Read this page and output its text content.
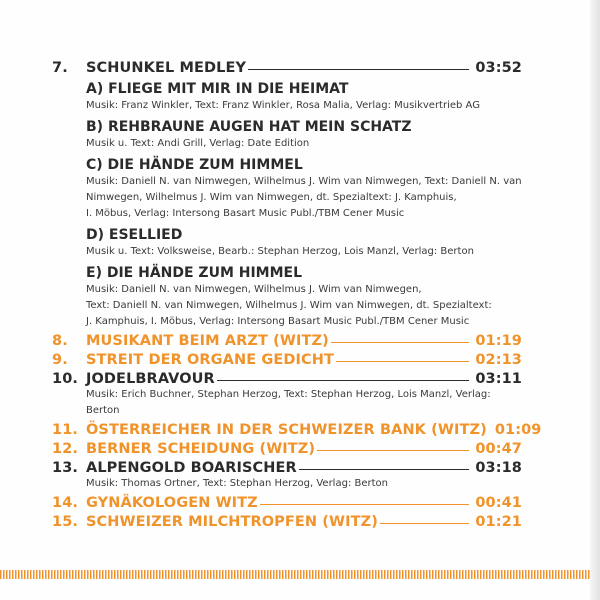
7.	SCHUNKEL MEDLEY	03:52
A) FLIEGE MIT MIR IN DIE HEIMAT
Musik: Franz Winkler, Text: Franz Winkler, Rosa Malia, Verlag: Musikvertrieb AG
B) REHBRAUNE AUGEN HAT MEIN SCHATZ
Musik u. Text: Andi Grill, Verlag: Date Edition
C) DIE HÄNDE ZUM HIMMEL
Musik: Daniell N. van Nimwegen, Wilhelmus J. Wim van Nimwegen, Text: Daniell N. van
Nimwegen, Wilhelmus J. Wim van Nimwegen, dt. Spezialtext: J. Kamphuis,
I. Möbus, Verlag: Intersong Basart Music Publ./TBM Cener Music
D) ESELLIED
Musik u. Text: Volksweise, Bearb.: Stephan Herzog, Lois Manzl, Verlag: Berton
E) DIE HÄNDE ZUM HIMMEL
Musik: Daniell N. van Nimwegen, Wilhelmus J. Wim van Nimwegen,
Text: Daniell N. van Nimwegen, Wilhelmus J. Wim van Nimwegen, dt. Spezialtext:
J. Kamphuis, I. Möbus, Verlag: Intersong Basart Music Publ./TBM Cener Music
8.	MUSIKANT BEIM ARZT (WITZ)	01:19
9.	STREIT DER ORGANE GEDICHT	02:13
10. JODELBRAVOUR	03:11
Musik: Erich Buchner, Stephan Herzog, Text: Stephan Herzog, Lois Manzl, Verlag: Berton
11. ÖSTERREICHER IN DER SCHWEIZER BANK (WITZ) 01:09
12. BERNER SCHEIDUNG (WITZ)	00:47
13. ALPENGOLD BOARISCHER	03:18
Musik: Thomas Ortner, Text: Stephan Herzog, Verlag: Berton
14. GYNÄKOLOGEN WITZ	00:41
15. SCHWEIZER MILCHTROPFEN (WITZ)	01:21
